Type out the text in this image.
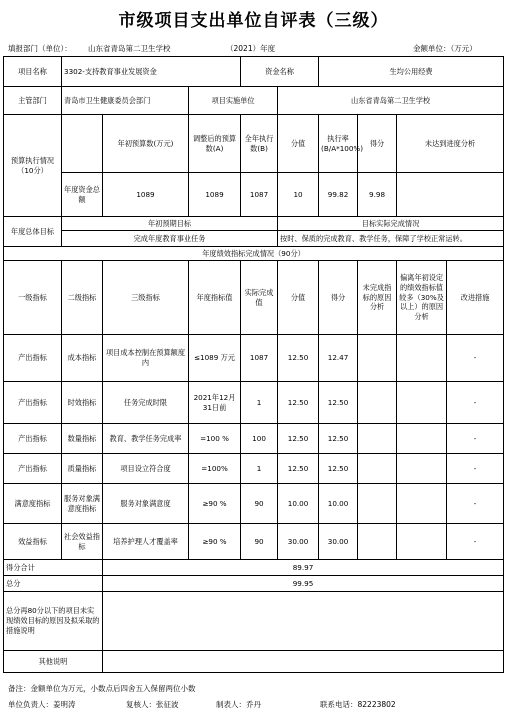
市级项目支出单位自评表（三级）
填报部门（单位）： 山东省青岛第二卫生学校	（2021）年度	金额单位：（万元）
项目名称	3302-支持教育事业发展资金			资金名称		生均公用经费			
主管部门	青岛市卫生健康委员会部门		项目实施单位		山东省青岛第二卫生学校				
预算执行情况（10分）		年初预算数(万元)	调整后的预算数(A)	全年执行数(B)	分值	执行率(B/A*100%)	得分	未达到进度分析	
	年度资金总额	1089	1089	1087	10	99.82	9.98		
年度总体目标	年初预期目标				目标实际完成情况				
	完成年度教育事业任务				按时、保质的完成教育、教学任务，保障了学校正常运转。				
年度绩效指标完成情况（90分）									
一级指标	二级指标	三级指标	年度指标值	实际完成值	分值	得分	未完成指标的原因分析	偏离年初设定的绩效指标值较多（30%及以上）的原因分析	改进措施
产出指标	成本指标	项目成本控制在预算额度内	≤1089 万元	1087	12.50	12.47			-
产出指标	时效指标	任务完成时限	2021年12月31日前	1	12.50	12.50			-
产出指标	数量指标	教育、教学任务完成率	=100 %	100	12.50	12.50			-
产出指标	质量指标	项目设立符合度	=100%	1	12.50	12.50			-
满意度指标	服务对象满意度指标	服务对象满意度	≥90 %	90	10.00	10.00			-
效益指标	社会效益指标	培养护理人才覆盖率	≥90 %	90	30.00	30.00			-
得分合计		89.97							
总分		99.95							
总分再80分以下的项目未实现绩效目标的原因及拟采取的措施说明									
其他说明									
备注：金额单位为万元，小数点后四舍五入保留两位小数
单位负责人：姜明涛	复核人：张征波	制表人：乔丹	联系电话：82223802
